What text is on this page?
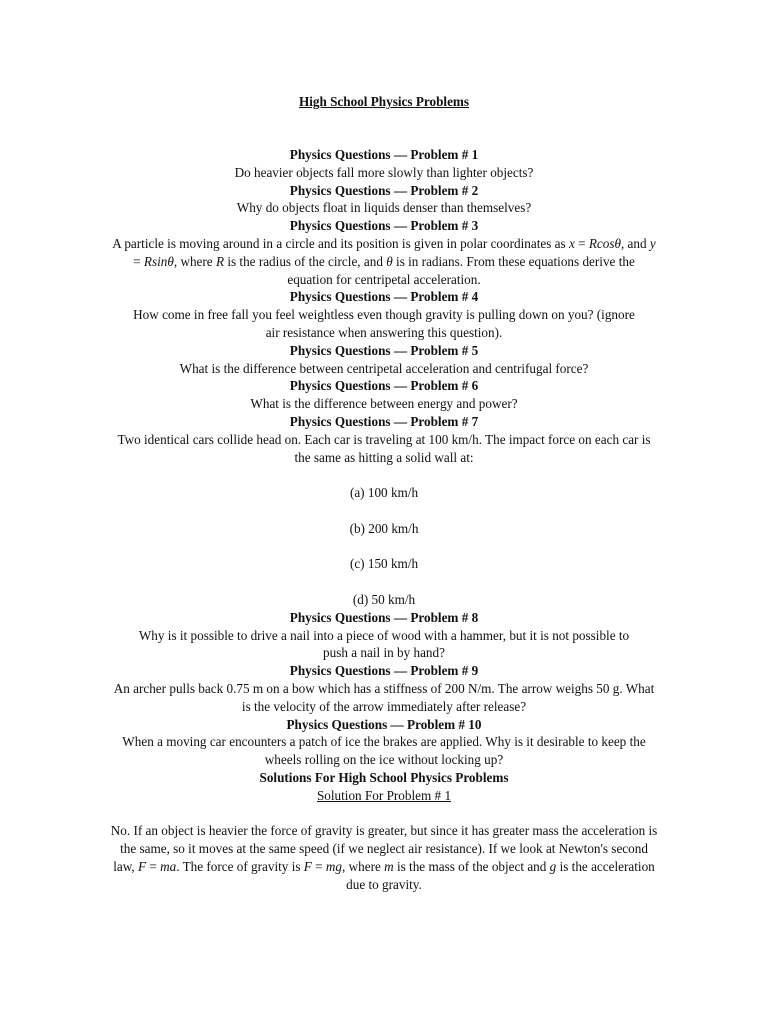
High School Physics Problems
Physics Questions — Problem # 1

Do heavier objects fall more slowly than lighter objects?

Physics Questions — Problem # 2

Why do objects float in liquids denser than themselves?

Physics Questions — Problem # 3

A particle is moving around in a circle and its position is given in polar coordinates as x = Rcosθ, and y = Rsinθ, where R is the radius of the circle, and θ is in radians. From these equations derive the equation for centripetal acceleration.

Physics Questions — Problem # 4

How come in free fall you feel weightless even though gravity is pulling down on you? (ignore air resistance when answering this question).

Physics Questions — Problem # 5

What is the difference between centripetal acceleration and centrifugal force?

Physics Questions — Problem # 6

What is the difference between energy and power?

Physics Questions — Problem # 7

Two identical cars collide head on. Each car is traveling at 100 km/h. The impact force on each car is the same as hitting a solid wall at:

(a) 100 km/h
(b) 200 km/h
(c) 150 km/h
(d) 50 km/h
Physics Questions — Problem # 8

Why is it possible to drive a nail into a piece of wood with a hammer, but it is not possible to push a nail in by hand?

Physics Questions — Problem # 9

An archer pulls back 0.75 m on a bow which has a stiffness of 200 N/m. The arrow weighs 50 g. What is the velocity of the arrow immediately after release?

Physics Questions — Problem # 10

When a moving car encounters a patch of ice the brakes are applied. Why is it desirable to keep the wheels rolling on the ice without locking up?

Solutions For High School Physics Problems
Solution For Problem # 1

No. If an object is heavier the force of gravity is greater, but since it has greater mass the acceleration is the same, so it moves at the same speed (if we neglect air resistance). If we look at Newton's second law, F = ma. The force of gravity is F = mg, where m is the mass of the object and g is the acceleration due to gravity.
